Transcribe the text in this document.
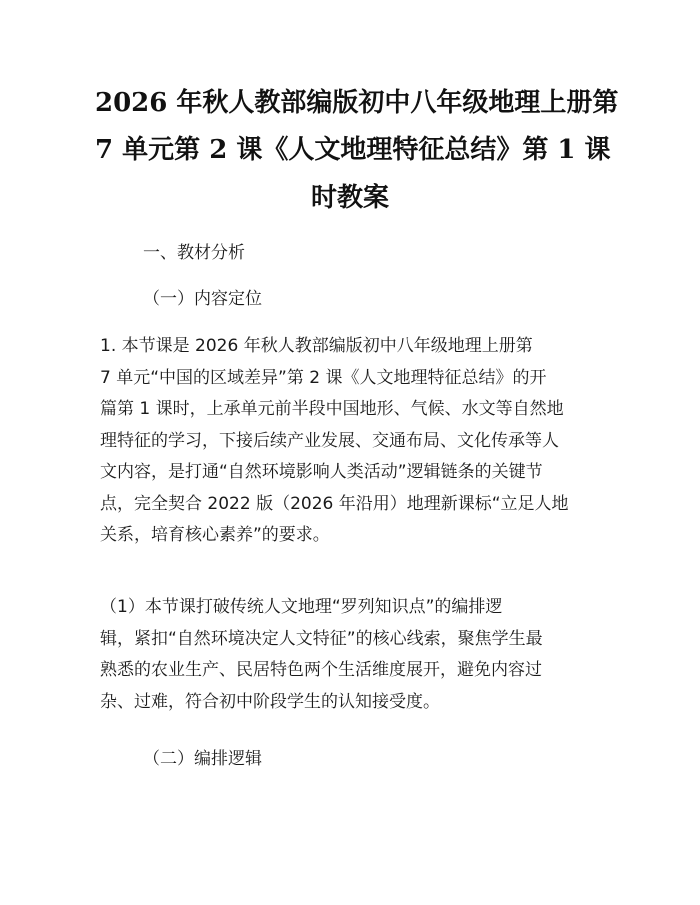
2026 年秋人教部编版初中八年级地理上册第
7 单元第 2 课《人文地理特征总结》第 1 课
时教案
一、教材分析
（一）内容定位
1. 本节课是 2026 年秋人教部编版初中八年级地理上册第
7 单元“中国的区域差异”第 2 课《人文地理特征总结》的开
篇第 1 课时，上承单元前半段中国地形、气候、水文等自然地
理特征的学习，下接后续产业发展、交通布局、文化传承等人
文内容，是打通“自然环境影响人类活动”逻辑链条的关键节
点，完全契合 2022 版（2026 年沿用）地理新课标“立足人地
关系，培育核心素养”的要求。
（1）本节课打破传统人文地理“罗列知识点”的编排逻
辑，紧扣“自然环境决定人文特征”的核心线索，聚焦学生最
熟悉的农业生产、民居特色两个生活维度展开，避免内容过
杂、过难，符合初中阶段学生的认知接受度。
（二）编排逻辑
